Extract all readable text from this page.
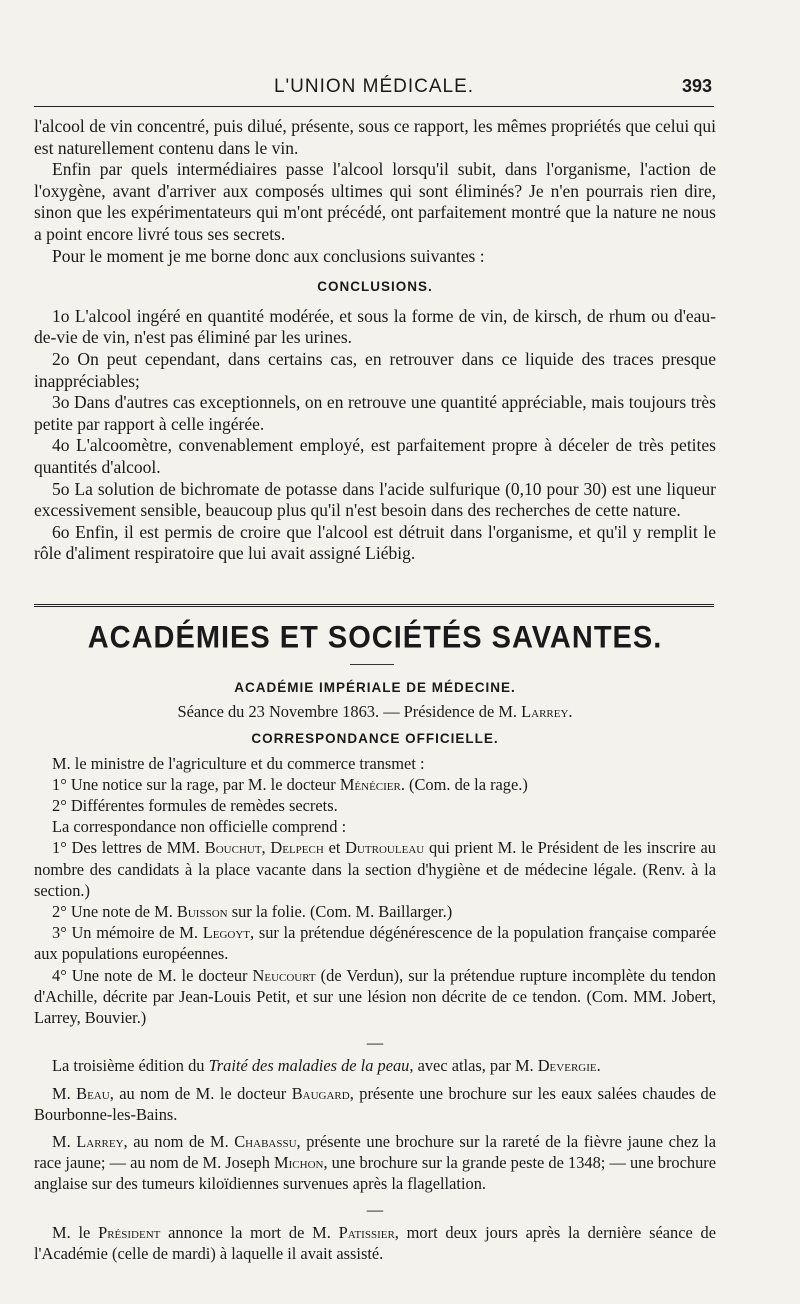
L'UNION MÉDICALE.	393

l'alcool de vin concentré, puis dilué, présente, sous ce rapport, les mêmes propriétés que celui qui est naturellement contenu dans le vin.

Enfin par quels intermédiaires passe l'alcool lorsqu'il subit, dans l'organisme, l'action de l'oxygène, avant d'arriver aux composés ultimes qui sont éliminés? Je n'en pourrais rien dire, sinon que les expérimentateurs qui m'ont précédé, ont parfaitement montré que la nature ne nous a point encore livré tous ses secrets.

Pour le moment je me borne donc aux conclusions suivantes :

CONCLUSIONS.

1o L'alcool ingéré en quantité modérée, et sous la forme de vin, de kirsch, de rhum ou d'eau-de-vie de vin, n'est pas éliminé par les urines.

2o On peut cependant, dans certains cas, en retrouver dans ce liquide des traces presque inappréciables;

3o Dans d'autres cas exceptionnels, on en retrouve une quantité appréciable, mais toujours très petite par rapport à celle ingérée.

4o L'alcoomètre, convenablement employé, est parfaitement propre à déceler de très petites quantités d'alcool.

5o La solution de bichromate de potasse dans l'acide sulfurique (0,10 pour 30) est une liqueur excessivement sensible, beaucoup plus qu'il n'est besoin dans des recherches de cette nature.

6o Enfin, il est permis de croire que l'alcool est détruit dans l'organisme, et qu'il y remplit le rôle d'aliment respiratoire que lui avait assigné Liébig.

ACADÉMIES ET SOCIÉTÉS SAVANTES.

ACADÉMIE IMPÉRIALE DE MÉDECINE.

Séance du 23 Novembre 1863. — Présidence de M. Larrey.

CORRESPONDANCE OFFICIELLE.

M. le ministre de l'agriculture et du commerce transmet :

1° Une notice sur la rage, par M. le docteur Ménécier. (Com. de la rage.)

2° Différentes formules de remèdes secrets.

La correspondance non officielle comprend :

1° Des lettres de MM. Bouchut, Delpech et Dutrouleau qui prient M. le Président de les inscrire au nombre des candidats à la place vacante dans la section d'hygiène et de médecine légale. (Renv. à la section.)

2° Une note de M. Buisson sur la folie. (Com. M. Baillarger.)

3° Un mémoire de M. Legoyt, sur la prétendue dégénérescence de la population française comparée aux populations européennes.

4° Une note de M. le docteur Neucourt (de Verdun), sur la prétendue rupture incomplète du tendon d'Achille, décrite par Jean-Louis Petit, et sur une lésion non décrite de ce tendon. (Com. MM. Jobert, Larrey, Bouvier.)

—

La troisième édition du Traité des maladies de la peau, avec atlas, par M. Devergie.

M. Beau, au nom de M. le docteur Baugard, présente une brochure sur les eaux salées chaudes de Bourbonne-les-Bains.

M. Larrey, au nom de M. Chabassu, présente une brochure sur la rareté de la fièvre jaune chez la race jaune; — au nom de M. Joseph Michon, une brochure sur la grande peste de 1348; — une brochure anglaise sur des tumeurs kiloïdiennes survenues après la flagellation.

—

M. le Président annonce la mort de M. Patissier, mort deux jours après la dernière séance de l'Académie (celle de mardi) à laquelle il avait assisté.
